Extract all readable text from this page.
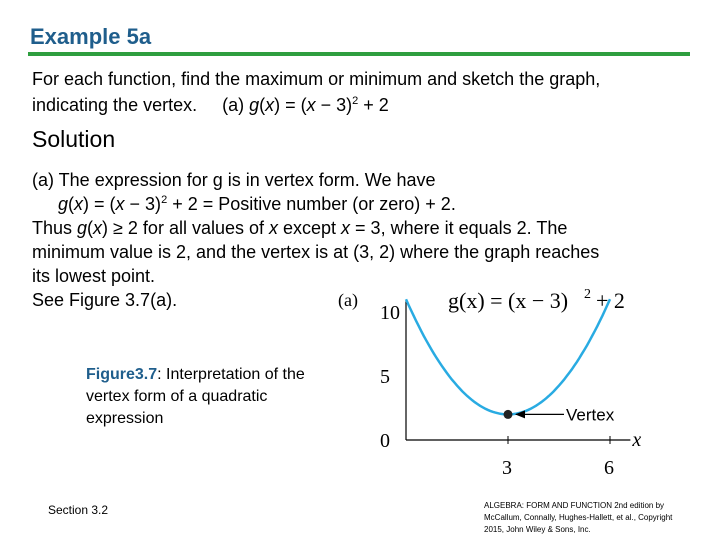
Example 5a
For each function, find the maximum or minimum and sketch the graph,
indicating the vertex. (a) $g(x) = (x - 3)^2 + 2$
Solution
(a) The expression for g is in vertex form. We have
$g(x) = (x - 3)^2 + 2$ = Positive number (or zero) + 2.
Thus g(x) ≥ 2 for all values of x except x = 3, where it equals 2. The
minimum value is 2, and the vertex is at (3, 2) where the graph reaches
its lowest point.
See Figure 3.7(a).
Figure3.7: Interpretation of the vertex form of a quadratic expression
(a)	g(x) = (x − 3) 2 + 2
10
5
0
3	6
Vertex
x
Section 3.2	ALGEBRA: FORM AND FUNCTION 2nd edition by McCallum, Connally, Hughes-Hallett, et al., Copyright 2015, John Wiley & Sons, Inc.
